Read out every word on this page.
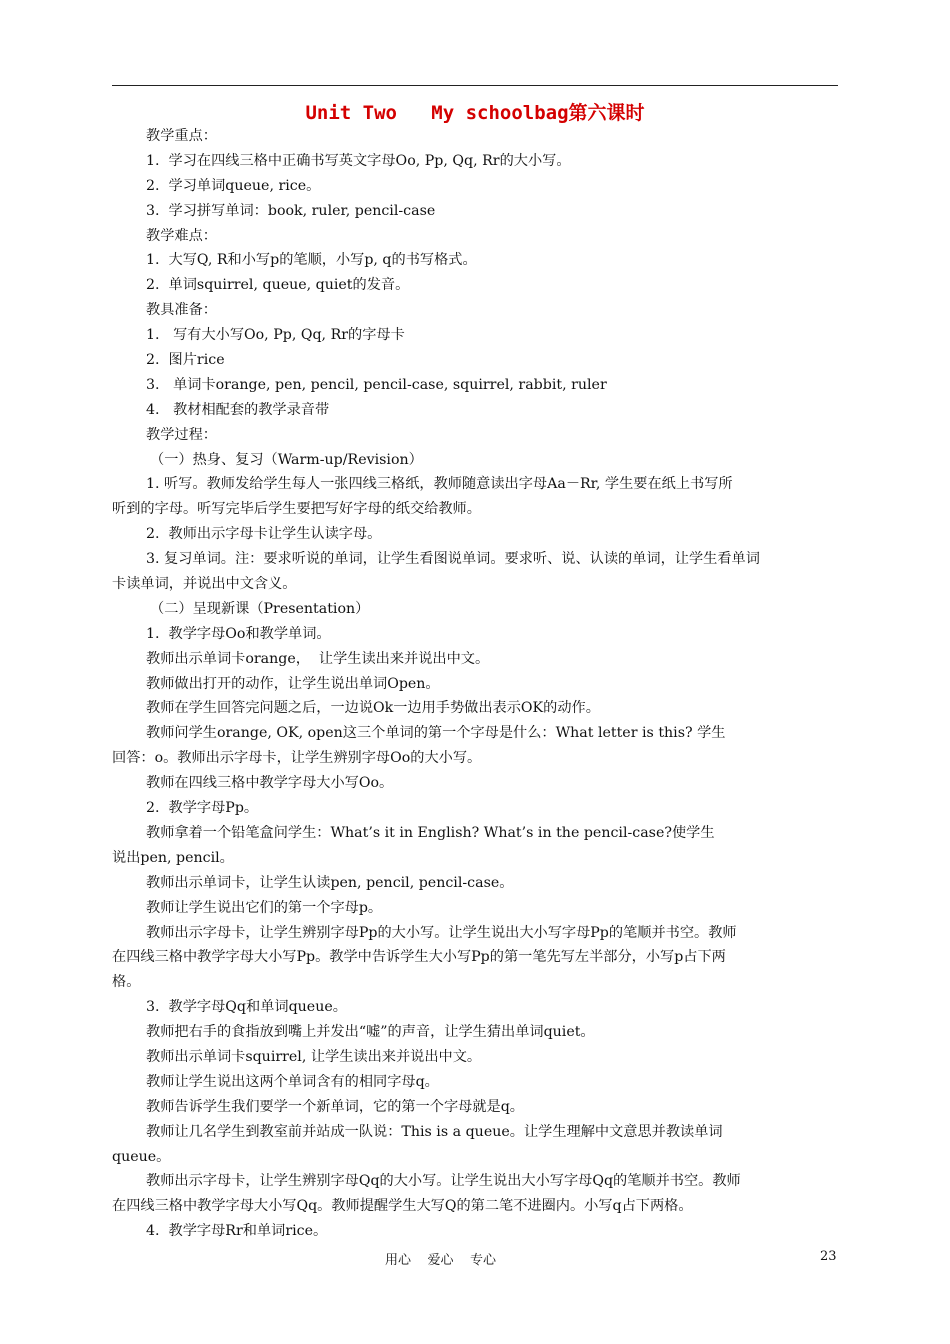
Unit Two   My schoolbag第六课时
教学重点：
1.  学习在四线三格中正确书写英文字母Oo, Pp, Qq, Rr的大小写。
2.  学习单词queue, rice。
3.  学习拼写单词：book, ruler, pencil-case
教学难点：
1.  大写Q, R和小写p的笔顺，小写p, q的书写格式。
2.  单词squirrel, queue, quiet的发音。
教具准备：
1.   写有大小写Oo, Pp, Qq, Rr的字母卡
2.  图片rice
3.   单词卡orange, pen, pencil, pencil-case, squirrel, rabbit, ruler
4.   教材相配套的教学录音带
教学过程：
（一）热身、复习（Warm-up/Revision）
1. 听写。教师发给学生每人一张四线三格纸，教师随意读出字母Aa－Rr, 学生要在纸上书写所
听到的字母。听写完毕后学生要把写好字母的纸交给教师。
2.  教师出示字母卡让学生认读字母。
3. 复习单词。注：要求听说的单词，让学生看图说单词。要求听、说、认读的单词，让学生看单词
卡读单词，并说出中文含义。
（二）呈现新课（Presentation）
1.  教学字母Oo和教学单词。
教师出示单词卡orange，  让学生读出来并说出中文。
教师做出打开的动作，让学生说出单词Open。
教师在学生回答完问题之后，一边说Ok一边用手势做出表示OK的动作。
教师问学生orange, OK, open这三个单词的第一个字母是什么：What letter is this? 学生
回答：o。教师出示字母卡，让学生辨别字母Oo的大小写。
教师在四线三格中教学字母大小写Oo。
2.  教学字母Pp。
教师拿着一个铅笔盒问学生：What’s it in English? What’s in the pencil-case?使学生
说出pen, pencil。
教师出示单词卡，让学生认读pen, pencil, pencil-case。
教师让学生说出它们的第一个字母p。
教师出示字母卡，让学生辨别字母Pp的大小写。让学生说出大小写字母Pp的笔顺并书空。教师
在四线三格中教学字母大小写Pp。教学中告诉学生大小写Pp的第一笔先写左半部分，小写p占下两
格。
3.  教学字母Qq和单词queue。
教师把右手的食指放到嘴上并发出“嘘”的声音，让学生猜出单词quiet。
教师出示单词卡squirrel, 让学生读出来并说出中文。
教师让学生说出这两个单词含有的相同字母q。
教师告诉学生我们要学一个新单词，它的第一个字母就是q。
教师让几名学生到教室前并站成一队说：This is a queue。让学生理解中文意思并教读单词
queue。
教师出示字母卡，让学生辨别字母Qq的大小写。让学生说出大小写字母Qq的笔顺并书空。教师
在四线三格中教学字母大小写Qq。教师提醒学生大写Q的第二笔不进圈内。小写q占下两格。
4.  教学字母Rr和单词rice。
用心    爱心    专心	23
